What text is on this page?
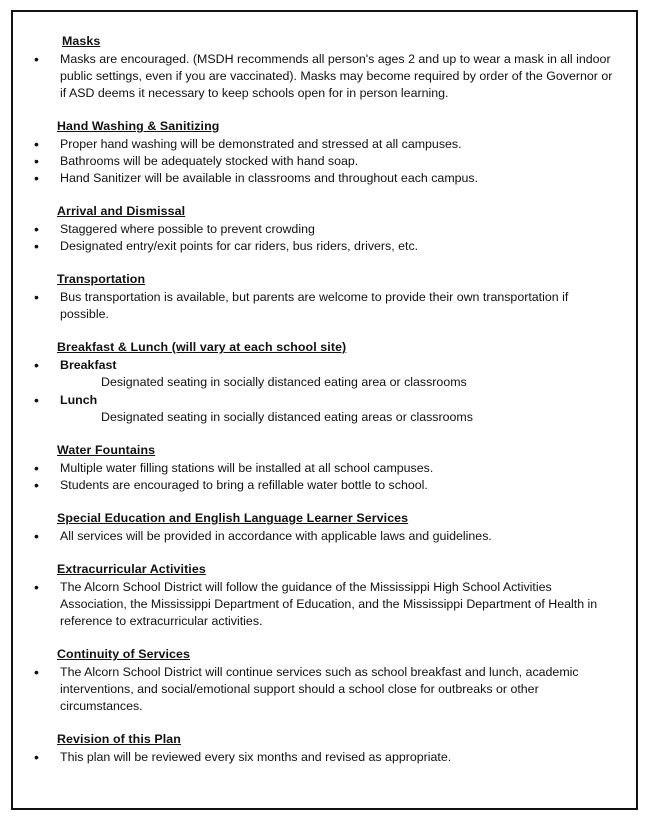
Masks
• Masks are encouraged. (MSDH recommends all person's ages 2 and up to wear a mask in all indoor public settings, even if you are vaccinated). Masks may become required by order of the Governor or if ASD deems it necessary to keep schools open for in person learning.
Hand Washing & Sanitizing
• Proper hand washing will be demonstrated and stressed at all campuses.
• Bathrooms will be adequately stocked with hand soap.
• Hand Sanitizer will be available in classrooms and throughout each campus.
Arrival and Dismissal
• Staggered where possible to prevent crowding
• Designated entry/exit points for car riders, bus riders, drivers, etc.
Transportation
• Bus transportation is available, but parents are welcome to provide their own transportation if possible.
Breakfast & Lunch (will vary at each school site)
• Breakfast
Designated seating in socially distanced eating area or classrooms
• Lunch
Designated seating in socially distanced eating areas or classrooms
Water Fountains
• Multiple water filling stations will be installed at all school campuses.
• Students are encouraged to bring a refillable water bottle to school.
Special Education and English Language Learner Services
• All services will be provided in accordance with applicable laws and guidelines.
Extracurricular Activities
• The Alcorn School District will follow the guidance of the Mississippi High School Activities Association, the Mississippi Department of Education, and the Mississippi Department of Health in reference to extracurricular activities.
Continuity of Services
• The Alcorn School District will continue services such as school breakfast and lunch, academic interventions, and social/emotional support should a school close for outbreaks or other circumstances.
Revision of this Plan
• This plan will be reviewed every six months and revised as appropriate.
